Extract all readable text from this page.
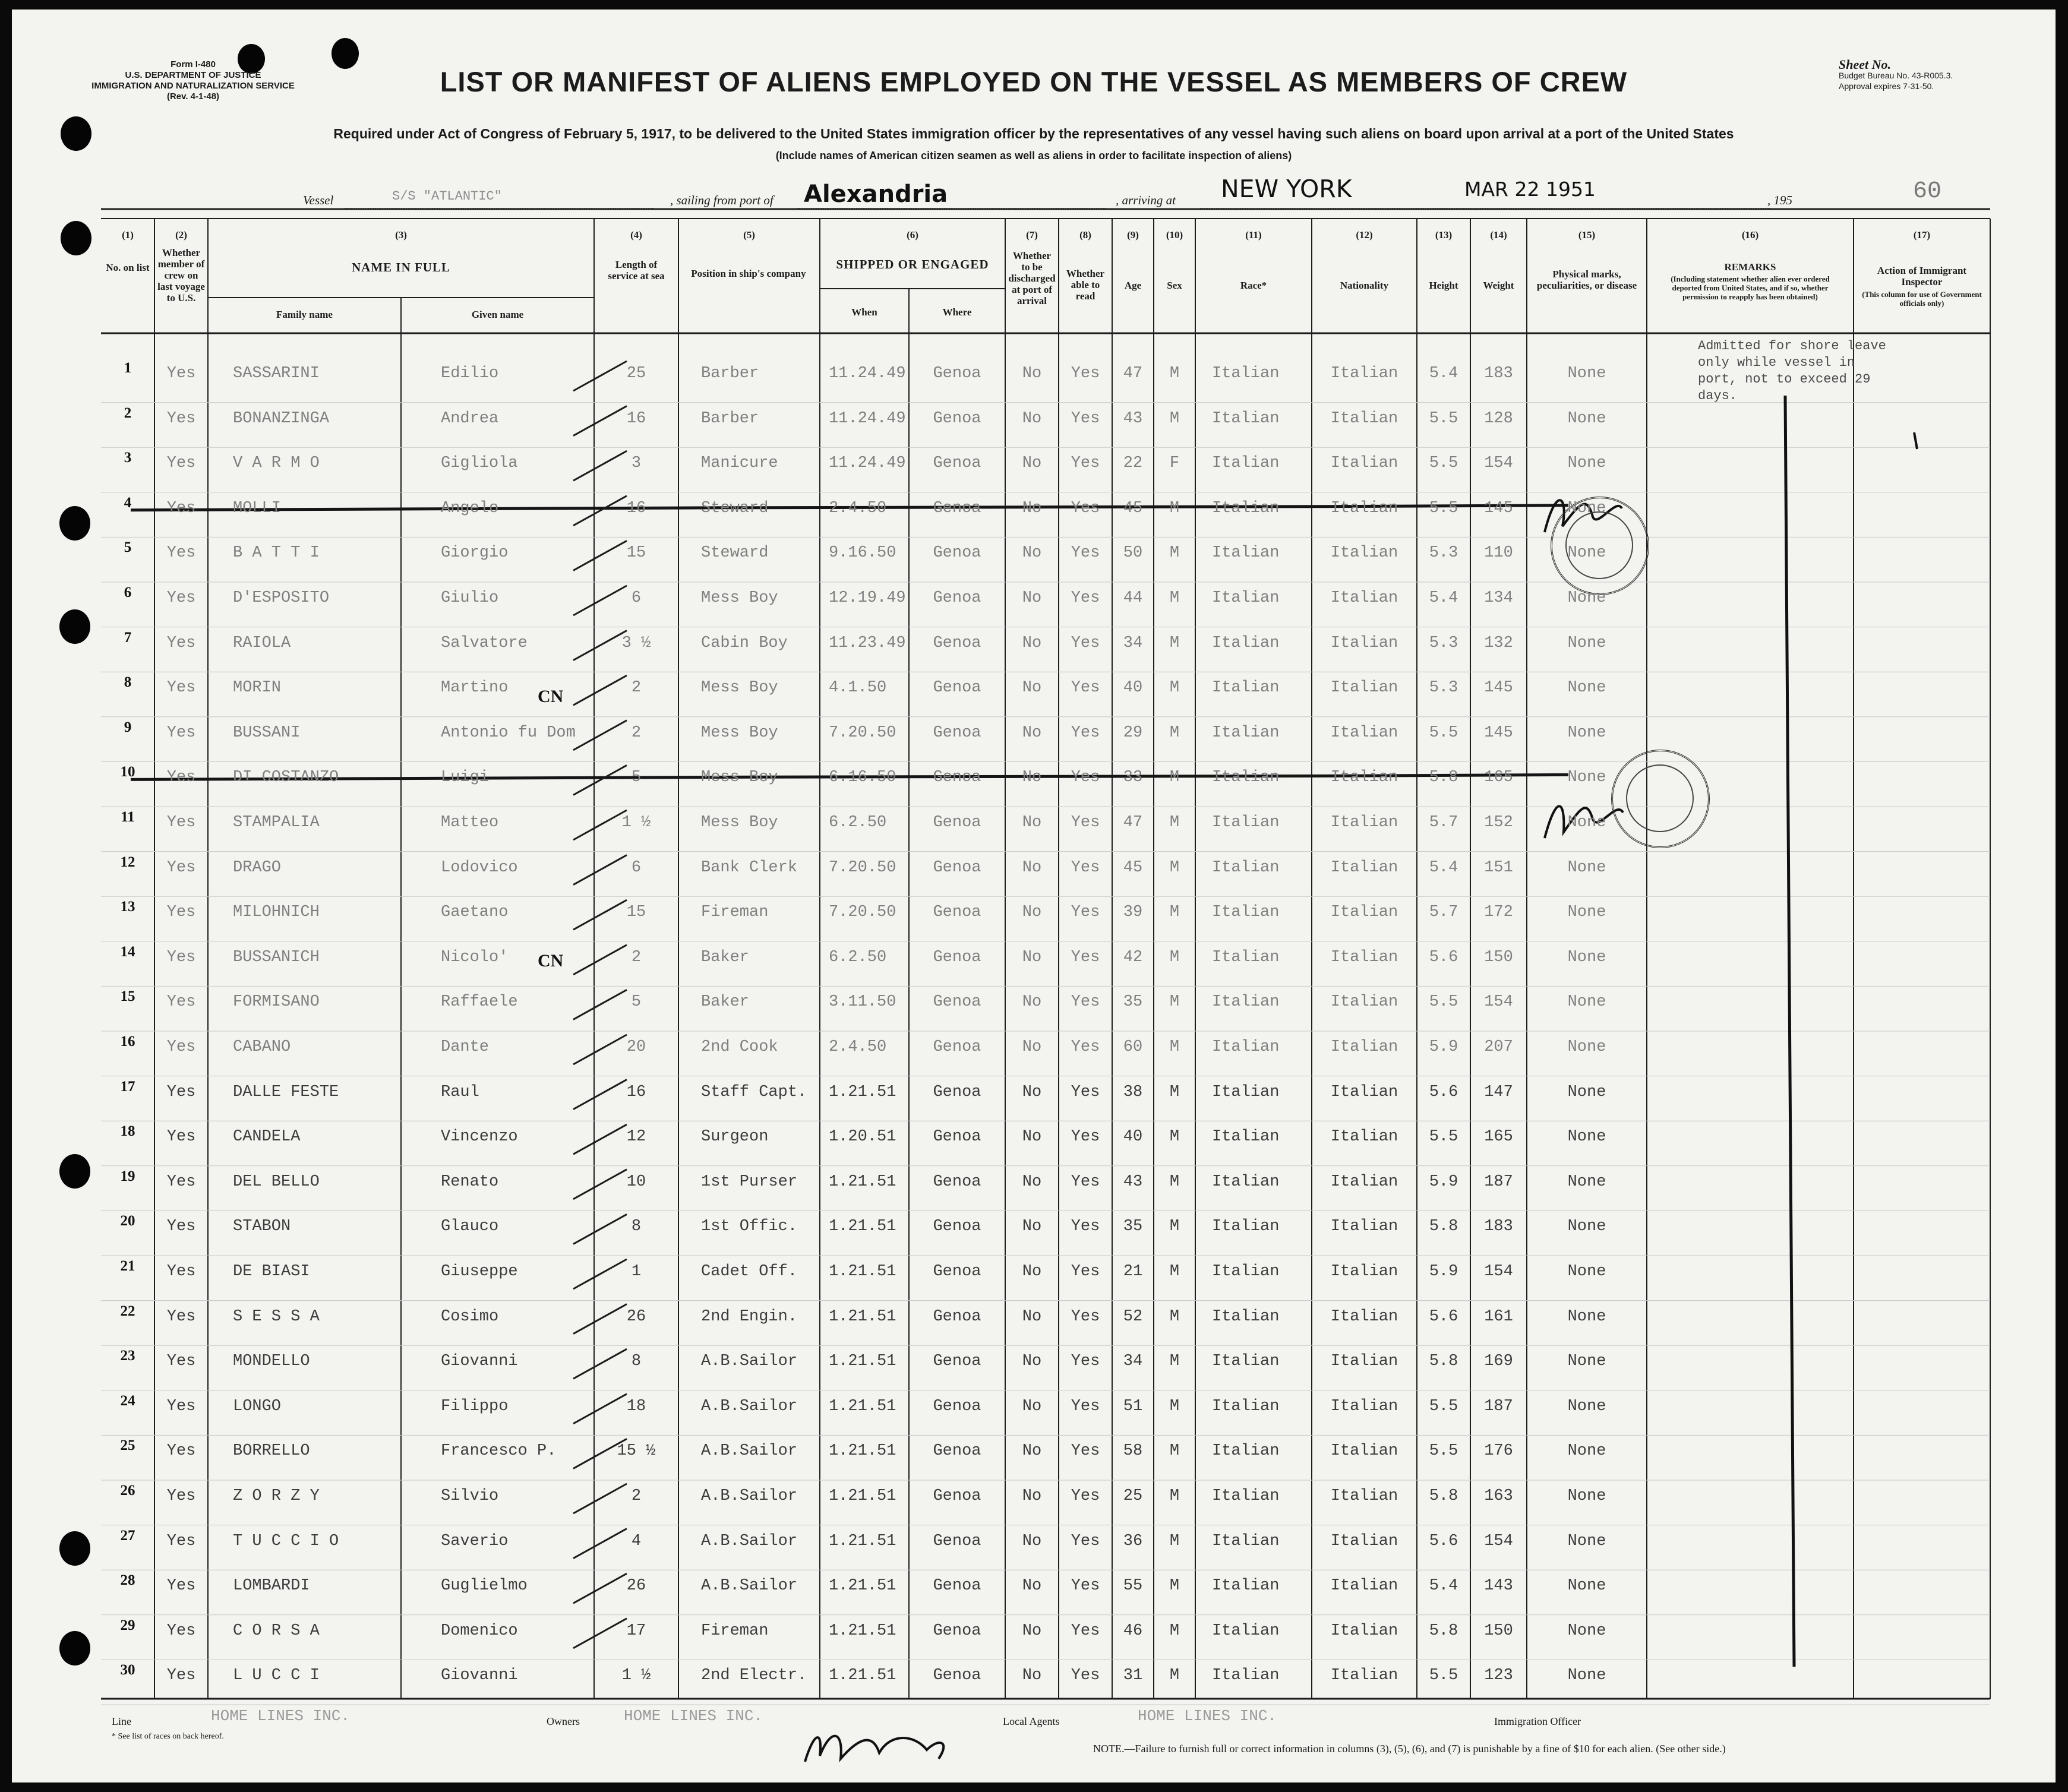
Form I-480
U.S. DEPARTMENT OF JUSTICE
IMMIGRATION AND NATURALIZATION SERVICE
(Rev. 4-1-48)
Sheet No.
Budget Bureau No. 43-R005.3.
Approval expires 7-31-50.
LIST OR MANIFEST OF ALIENS EMPLOYED ON THE VESSEL AS MEMBERS OF CREW
Required under Act of Congress of February 5, 1917, to be delivered to the United States immigration officer by the representatives of any vessel having such aliens on board upon arrival at a port of the United States
(Include names of American citizen seamen as well as aliens in order to facilitate inspection of aliens)
Vessel	S/S "ATLANTIC"	, sailing from port of Alexandria	, arriving at NEW YORK	MAR 22 1951	, 195	60
(1)	(2)	(3)	(4)	(5)	(6)	(7)	(8)	(9)	(10)	(11)	(12)	(13)	(14)	(15)	(16)	(17)
No. on list
Whether member of crew on last voyage to U.S.
NAME IN FULL
Family name	Given name
Length of service at sea	Position in ship's company
SHIPPED OR ENGAGED
When	Where
Whether to be discharged at port of arrival
Whether able to read
Age	Sex	Race*	Nationality	Height	Weight
Physical marks, peculiarities, or disease
REMARKS
(Including statement whether alien ever ordered deported from United States, and if so, whether permission to reapply has been obtained)
Action of Immigrant Inspector
(This column for use of Government officials only)
1	Yes	SASSARINI	Edilio	25	Barber	11.24.49	Genoa	No	Yes	47	M	Italian	Italian	5.4	183	None
2	Yes	BONANZINGA	Andrea	16	Barber	11.24.49	Genoa	No	Yes	43	M	Italian	Italian	5.5	128	None
3	Yes	V A R M O	Gigliola	3	Manicure	11.24.49	Genoa	No	Yes	22	F	Italian	Italian	5.5	154	None
4	Yes	MOLLI	Angelo	16	Steward	2.4.50	Genoa	No	Yes	45	M	Italian	Italian	5.5	145	None
5	Yes	B A T T I	Giorgio	15	Steward	9.16.50	Genoa	No	Yes	50	M	Italian	Italian	5.3	110	None
6	Yes	D'ESPOSITO	Giulio	6	Mess Boy	12.19.49	Genoa	No	Yes	44	M	Italian	Italian	5.4	134	None
7	Yes	RAIOLA	Salvatore	3 ½	Cabin Boy	11.23.49	Genoa	No	Yes	34	M	Italian	Italian	5.3	132	None
8	Yes	MORIN	Martino	2	Mess Boy	4.1.50	Genoa	No	Yes	40	M	Italian	Italian	5.3	145	None
9	Yes	BUSSANI	Antonio fu Dom	2	Mess Boy	7.20.50	Genoa	No	Yes	29	M	Italian	Italian	5.5	145	None
10	Yes	DI COSTANZO	Luigi	5	Mess Boy	6.16.50	Genoa	No	Yes	33	M	Italian	Italian	5.8	165	None
11	Yes	STAMPALIA	Matteo	1 ½	Mess Boy	6.2.50	Genoa	No	Yes	47	M	Italian	Italian	5.7	152	None
12	Yes	DRAGO	Lodovico	6	Bank Clerk	7.20.50	Genoa	No	Yes	45	M	Italian	Italian	5.4	151	None
13	Yes	MILOHNICH	Gaetano	15	Fireman	7.20.50	Genoa	No	Yes	39	M	Italian	Italian	5.7	172	None
14	Yes	BUSSANICH	Nicolo'	2	Baker	6.2.50	Genoa	No	Yes	42	M	Italian	Italian	5.6	150	None
15	Yes	FORMISANO	Raffaele	5	Baker	3.11.50	Genoa	No	Yes	35	M	Italian	Italian	5.5	154	None
16	Yes	CABANO	Dante	20	2nd Cook	2.4.50	Genoa	No	Yes	60	M	Italian	Italian	5.9	207	None
17	Yes	DALLE FESTE	Raul	16	Staff Capt.	1.21.51	Genoa	No	Yes	38	M	Italian	Italian	5.6	147	None
18	Yes	CANDELA	Vincenzo	12	Surgeon	1.20.51	Genoa	No	Yes	40	M	Italian	Italian	5.5	165	None
19	Yes	DEL BELLO	Renato	10	1st Purser	1.21.51	Genoa	No	Yes	43	M	Italian	Italian	5.9	187	None
20	Yes	STABON	Glauco	8	1st Offic.	1.21.51	Genoa	No	Yes	35	M	Italian	Italian	5.8	183	None
21	Yes	DE BIASI	Giuseppe	1	Cadet Off.	1.21.51	Genoa	No	Yes	21	M	Italian	Italian	5.9	154	None
22	Yes	S E S S A	Cosimo	26	2nd Engin.	1.21.51	Genoa	No	Yes	52	M	Italian	Italian	5.6	161	None
23	Yes	MONDELLO	Giovanni	8	A.B.Sailor	1.21.51	Genoa	No	Yes	34	M	Italian	Italian	5.8	169	None
24	Yes	LONGO	Filippo	18	A.B.Sailor	1.21.51	Genoa	No	Yes	51	M	Italian	Italian	5.5	187	None
25	Yes	BORRELLO	Francesco P.	15 ½	A.B.Sailor	1.21.51	Genoa	No	Yes	58	M	Italian	Italian	5.5	176	None
26	Yes	Z O R Z Y	Silvio	2	A.B.Sailor	1.21.51	Genoa	No	Yes	25	M	Italian	Italian	5.8	163	None
27	Yes	T U C C I O	Saverio	4	A.B.Sailor	1.21.51	Genoa	No	Yes	36	M	Italian	Italian	5.6	154	None
28	Yes	LOMBARDI	Guglielmo	26	A.B.Sailor	1.21.51	Genoa	No	Yes	55	M	Italian	Italian	5.4	143	None
29	Yes	C O R S A	Domenico	17	Fireman	1.21.51	Genoa	No	Yes	46	M	Italian	Italian	5.8	150	None
30	Yes	L U C C I	Giovanni	1 ½	2nd Electr.	1.21.51	Genoa	No	Yes	31	M	Italian	Italian	5.5	123	None
Admitted for shore leave only while vessel in port, not to exceed 29 days.
CN
CN
Line	HOME LINES INC.	Owners	HOME LINES INC.	Local Agents	HOME LINES INC.	Immigration Officer
* See list of races on back hereof.
NOTE.—Failure to furnish full or correct information in columns (3), (5), (6), and (7) is punishable by a fine of $10 for each alien. (See other side.)
